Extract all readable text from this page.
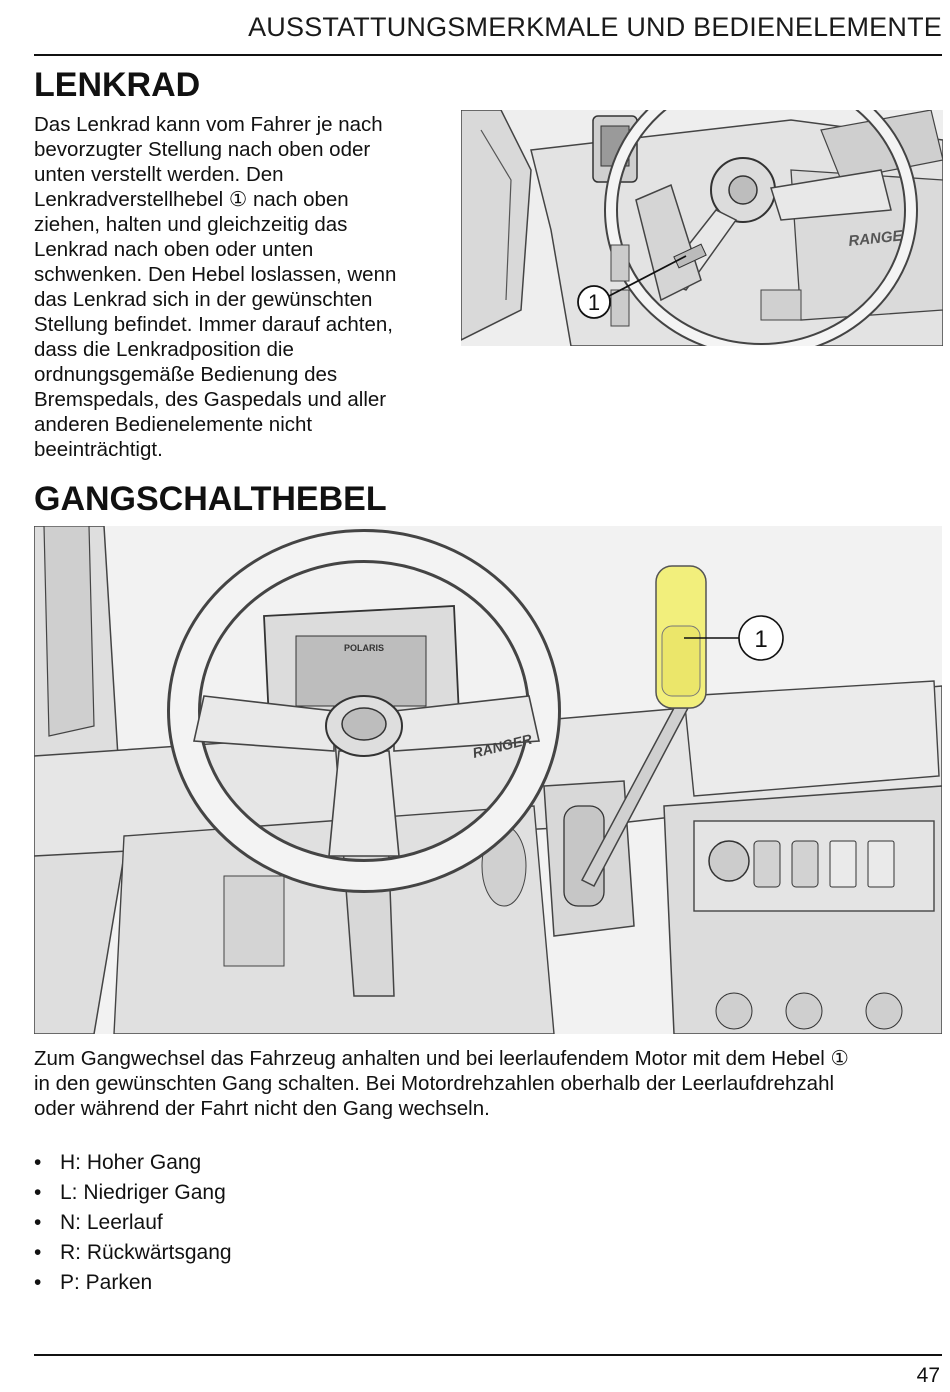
AUSSTATTUNGSMERKMALE UND BEDIENELEMENTE
LENKRAD
Das Lenkrad kann vom Fahrer je nach
bevorzugter Stellung nach oben oder
unten verstellt werden. Den
Lenkradverstellhebel ① nach oben
ziehen, halten und gleichzeitig das
Lenkrad nach oben oder unten
schwenken. Den Hebel loslassen, wenn
das Lenkrad sich in der gewünschten
Stellung befindet. Immer darauf achten,
dass die Lenkradposition die
ordnungsgemäße Bedienung des
Bremspedals, des Gaspedals und aller
anderen Bedienelemente nicht
beeinträchtigt.
RANGER
1
GANGSCHALTHEBEL
POLARIS
RANGER
1
Zum Gangwechsel das Fahrzeug anhalten und bei leerlaufendem Motor mit dem Hebel ①
in den gewünschten Gang schalten. Bei Motordrehzahlen oberhalb der Leerlaufdrehzahl
oder während der Fahrt nicht den Gang wechseln.
• H: Hoher Gang
• L: Niedriger Gang
• N: Leerlauf
• R: Rückwärtsgang
• P: Parken
47
